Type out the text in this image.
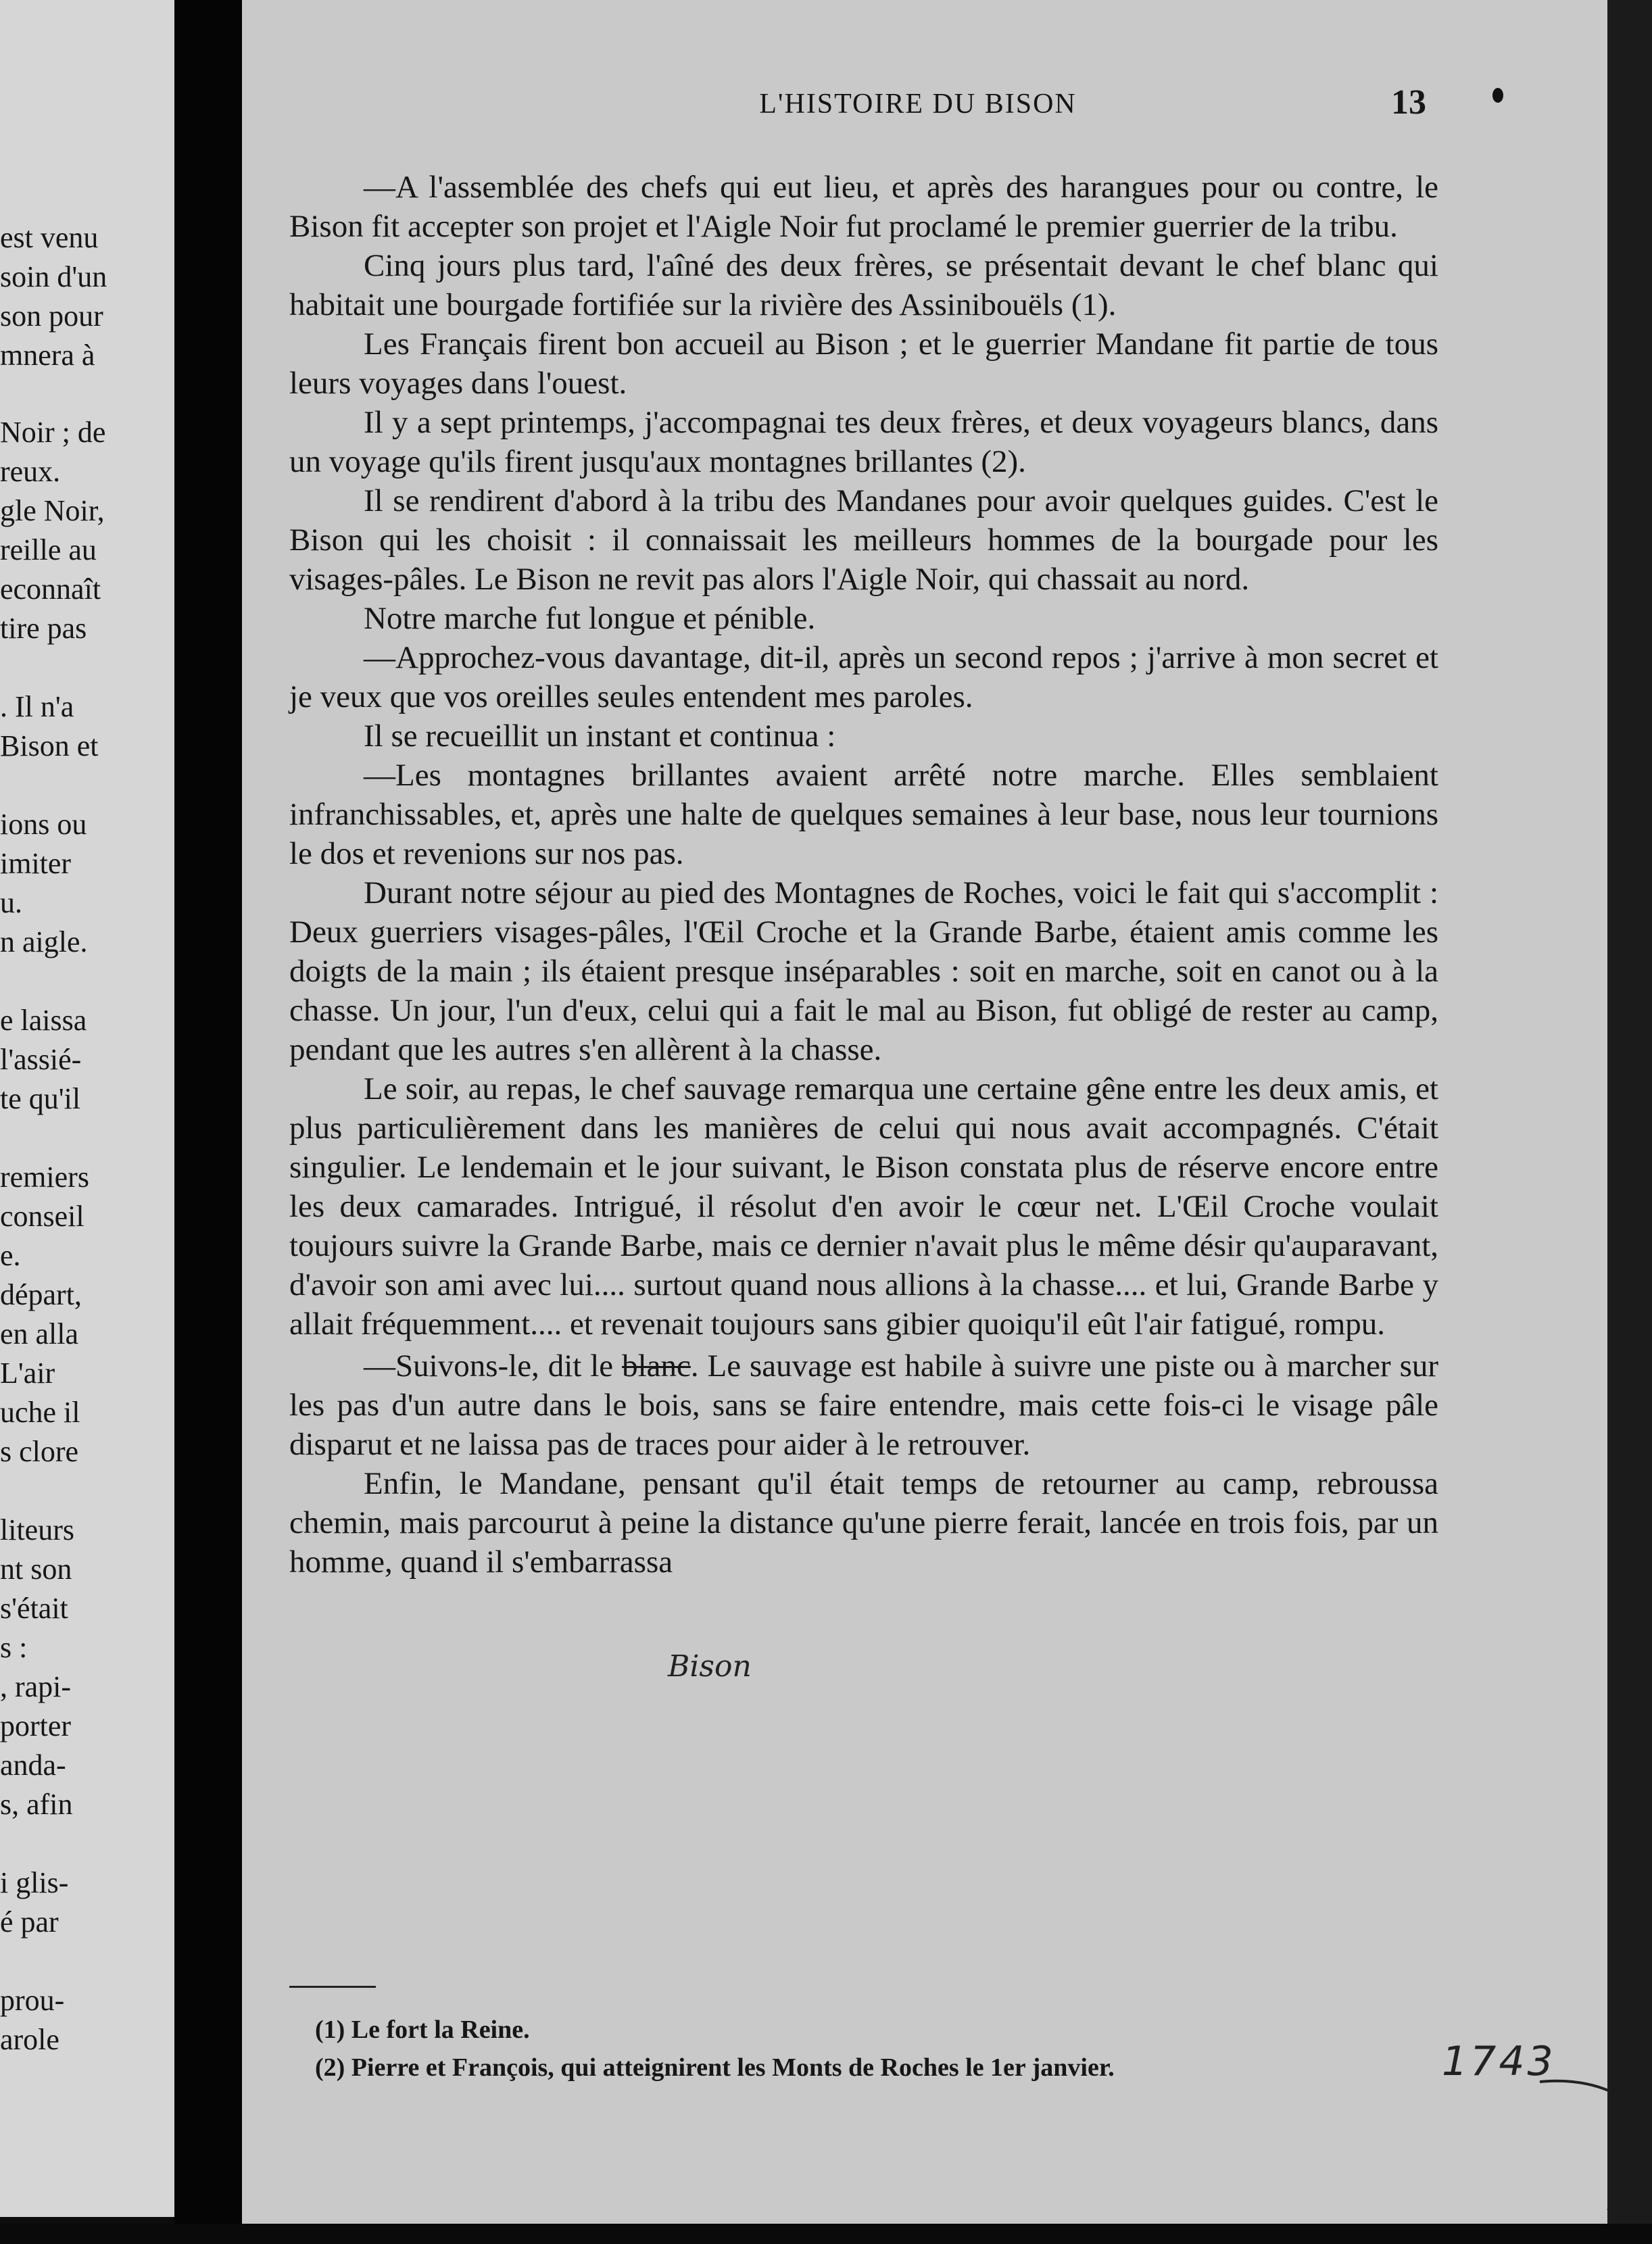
est venu
soin d'un
son pour
mnera à
Noir ; de
reux.
gle Noir,
reille au
econnaît
tire pas
. Il n'a
Bison et
ions ou
imiter
u.
n aigle.
e laissa
l'assié-
te qu'il
remiers
conseil
e.
départ,
en alla
L'air
uche il
s clore
liteurs
nt son
s'était
s :
, rapi-
porter
anda-
s, afin
i glis-
é par
prou-
arole
L'HISTOIRE DU BISON	13

—A l'assemblée des chefs qui eut lieu, et après des harangues pour ou contre, le Bison fit accepter son projet et l'Aigle Noir fut proclamé le premier guerrier de la tribu.

Cinq jours plus tard, l'aîné des deux frères, se présentait devant le chef blanc qui habitait une bourgade fortifiée sur la rivière des Assinibouëls (1).

Les Français firent bon accueil au Bison ; et le guerrier Mandane fit partie de tous leurs voyages dans l'ouest.

Il y a sept printemps, j'accompagnai tes deux frères, et deux voyageurs blancs, dans un voyage qu'ils firent jusqu'aux montagnes brillantes (2).

Il se rendirent d'abord à la tribu des Mandanes pour avoir quelques guides. C'est le Bison qui les choisit : il connaissait les meilleurs hommes de la bourgade pour les visages-pâles. Le Bison ne revit pas alors l'Aigle Noir, qui chassait au nord.

Notre marche fut longue et pénible.

—Approchez-vous davantage, dit-il, après un second repos ; j'arrive à mon secret et je veux que vos oreilles seules entendent mes paroles.

Il se recueillit un instant et continua :

—Les montagnes brillantes avaient arrêté notre marche. Elles semblaient infranchissables, et, après une halte de quelques semaines à leur base, nous leur tournions le dos et revenions sur nos pas.

Durant notre séjour au pied des Montagnes de Roches, voici le fait qui s'accomplit : Deux guerriers visages-pâles, l'Œil Croche et la Grande Barbe, étaient amis comme les doigts de la main ; ils étaient presque inséparables : soit en marche, soit en canot ou à la chasse. Un jour, l'un d'eux, celui qui a fait le mal au Bison, fut obligé de rester au camp, pendant que les autres s'en allèrent à la chasse.

Le soir, au repas, le chef sauvage remarqua une certaine gêne entre les deux amis, et plus particulièrement dans les manières de celui qui nous avait accompagnés. C'était singulier. Le lendemain et le jour suivant, le Bison constata plus de réserve encore entre les deux camarades. Intrigué, il résolut d'en avoir le cœur net. L'Œil Croche voulait toujours suivre la Grande Barbe, mais ce dernier n'avait plus le même désir qu'auparavant, d'avoir son ami avec lui.... surtout quand nous allions à la chasse.... et lui, Grande Barbe y allait fréquemment.... et revenait toujours sans gibier quoiqu'il eût l'air fatigué, rompu.

—Suivons-le, dit le blanc. Le sauvage est habile à suivre une piste ou à marcher sur les pas d'un autre dans le bois, sans se faire entendre, mais cette fois-ci le visage pâle disparut et ne laissa pas de traces pour aider à le retrouver.

Enfin, le Mandane, pensant qu'il était temps de retourner au camp, rebroussa chemin, mais parcourut à peine la distance qu'une pierre ferait, lancée en trois fois, par un homme, quand il s'embarrassa

Bison

(1) Le fort la Reine.

(2) Pierre et François, qui atteignirent les Monts de Roches le 1er janvier.	1743
